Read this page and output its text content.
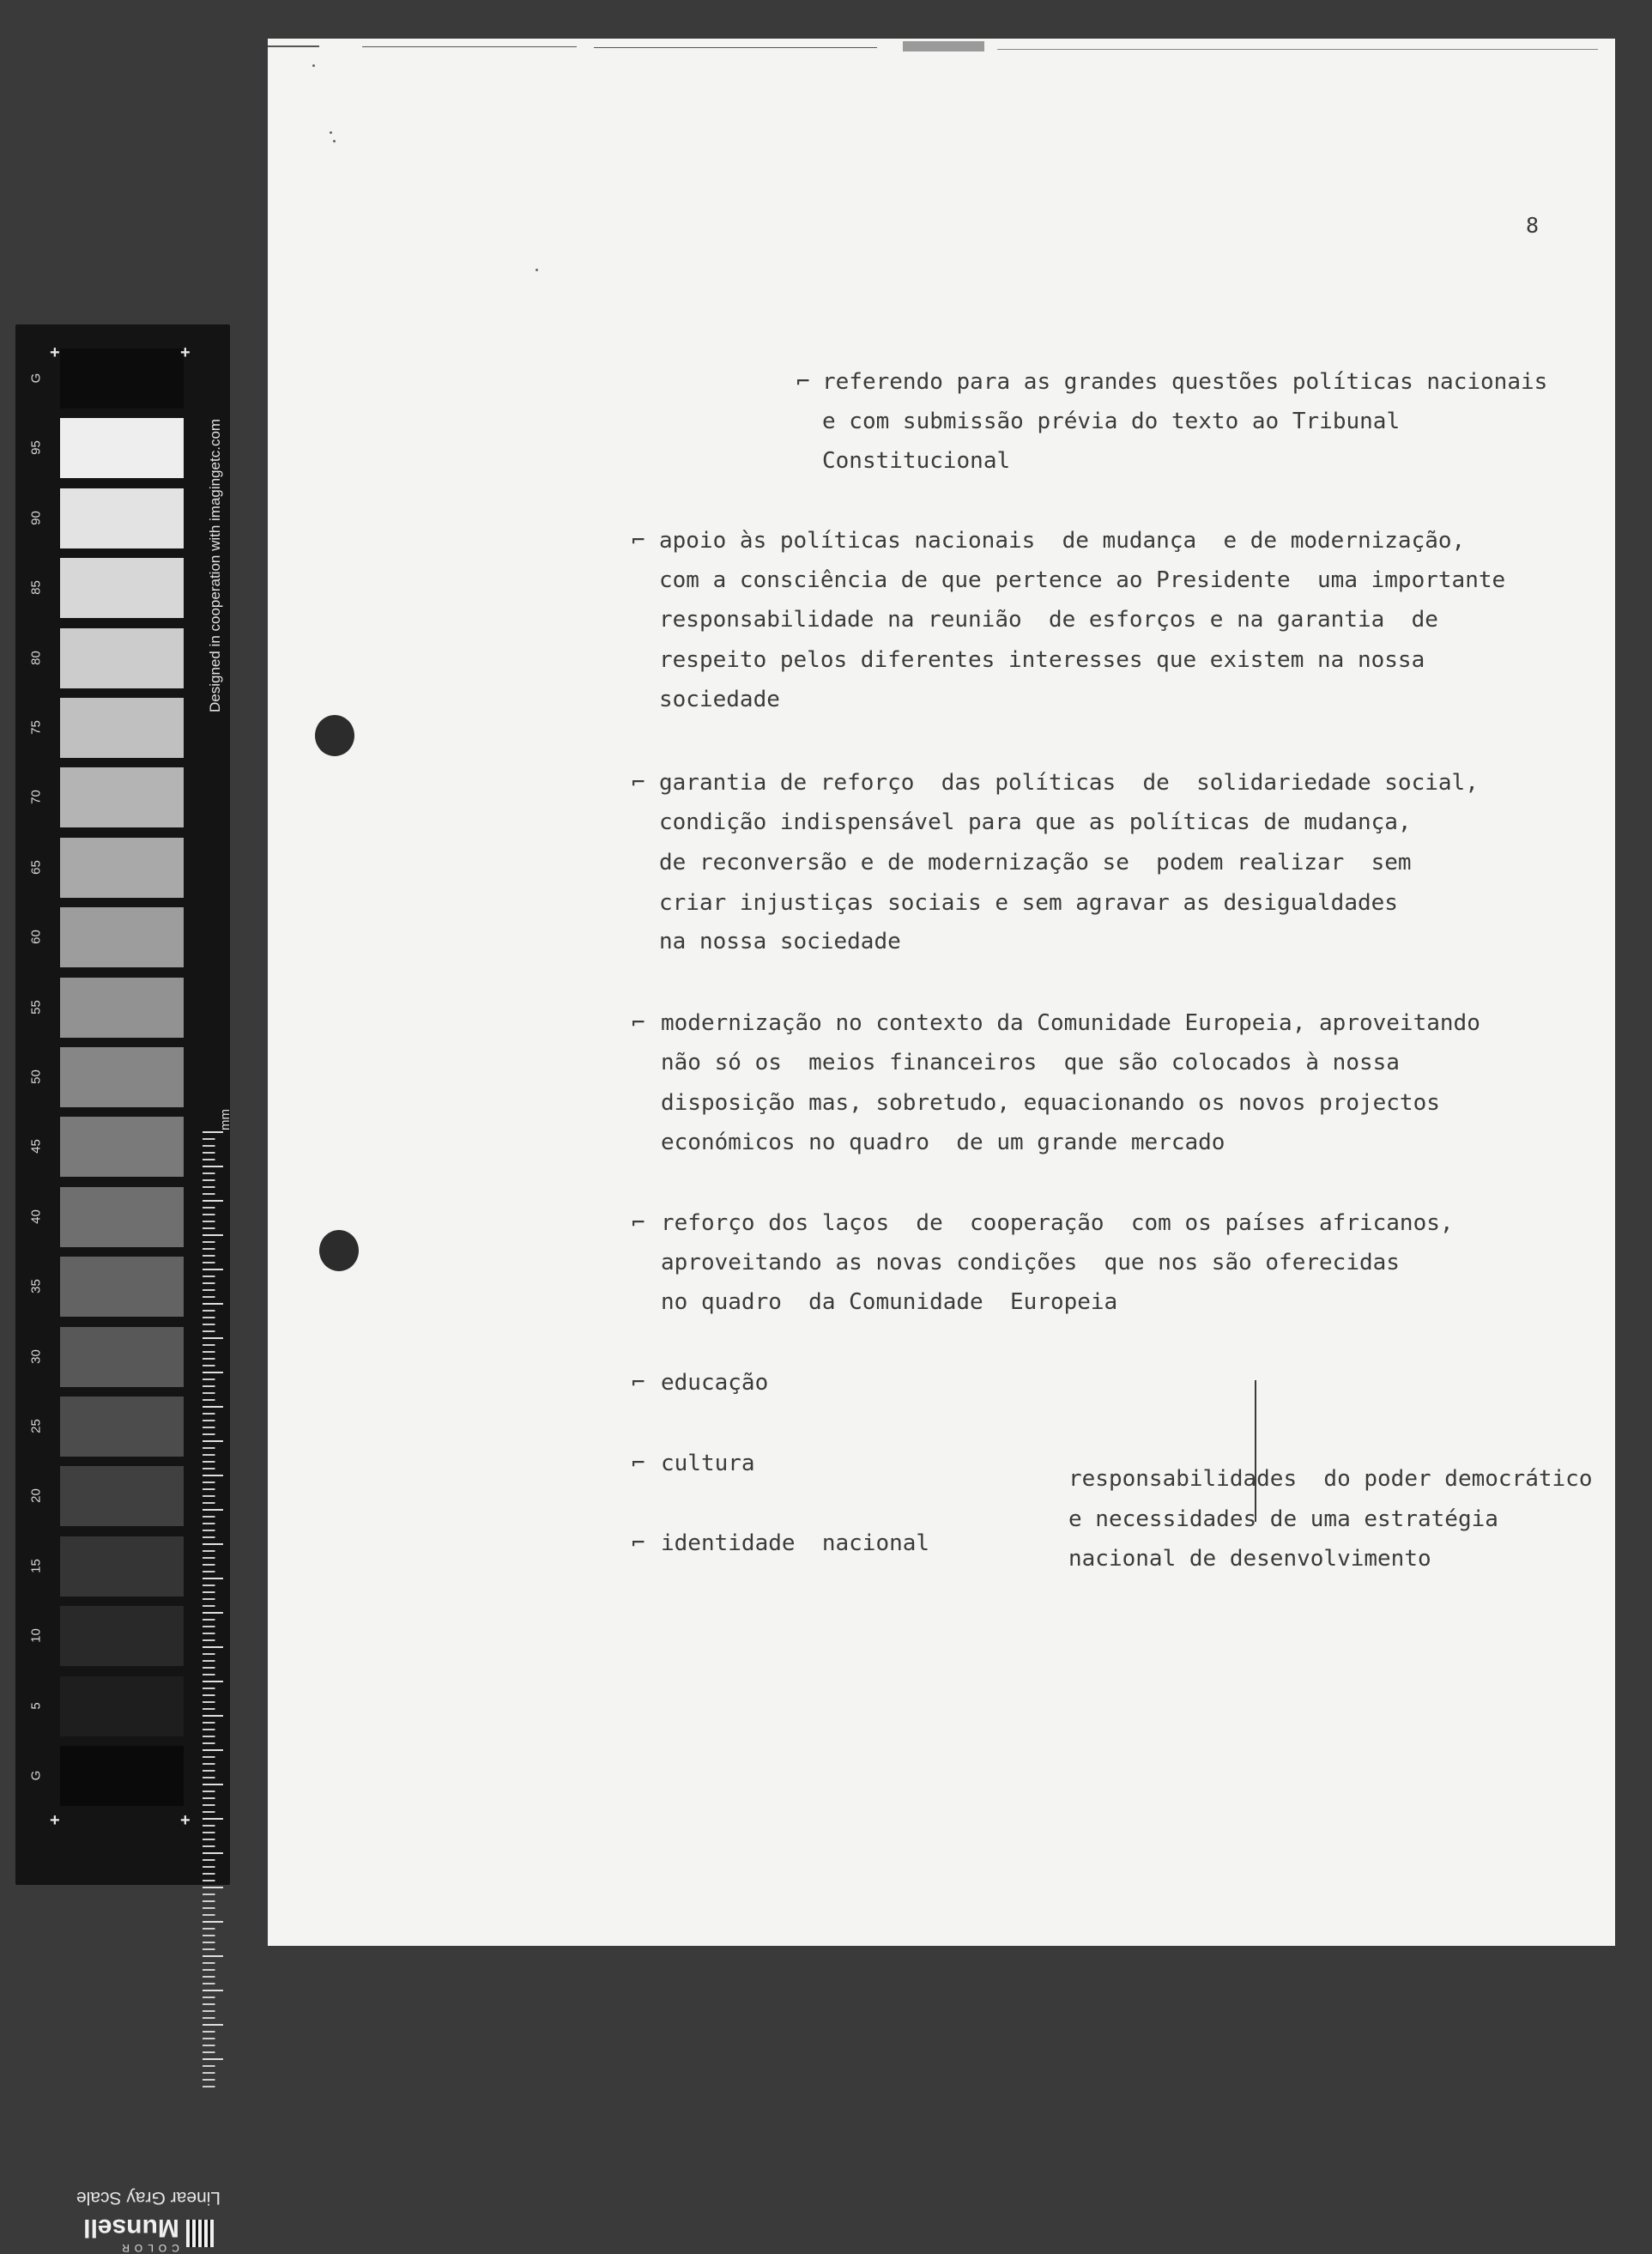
G
95
90
85
80
75
70
65
60
55
50
45
40
35
30
25
20
15
10
5
G
+	+
+	+
mm
Linear Gray Scale
COLOR
Munsell
Designed in cooperation with imagingetc.com
8
⌐ referendo para as grandes questões políticas nacionais
e com submissão prévia do texto ao Tribunal
Constitucional
⌐ apoio às políticas nacionais  de mudança  e de modernização,
com a consciência de que pertence ao Presidente  uma importante
responsabilidade na reunião  de esforços e na garantia  de
respeito pelos diferentes interesses que existem na nossa
sociedade
⌐ garantia de reforço  das políticas  de  solidariedade social,
condição indispensável para que as políticas de mudança,
de reconversão e de modernização se  podem realizar  sem
criar injustiças sociais e sem agravar as desigualdades
na nossa sociedade
⌐ modernização no contexto da Comunidade Europeia, aproveitando
não só os  meios financeiros  que são colocados à nossa
disposição mas, sobretudo, equacionando os novos projectos
económicos no quadro  de um grande mercado
⌐ reforço dos laços  de  cooperação  com os países africanos,
aproveitando as novas condições  que nos são oferecidas
no quadro  da Comunidade  Europeia
⌐ educação
⌐ cultura
⌐ identidade  nacional
responsabilidades  do poder democrático
e necessidades de uma estratégia
nacional de desenvolvimento
